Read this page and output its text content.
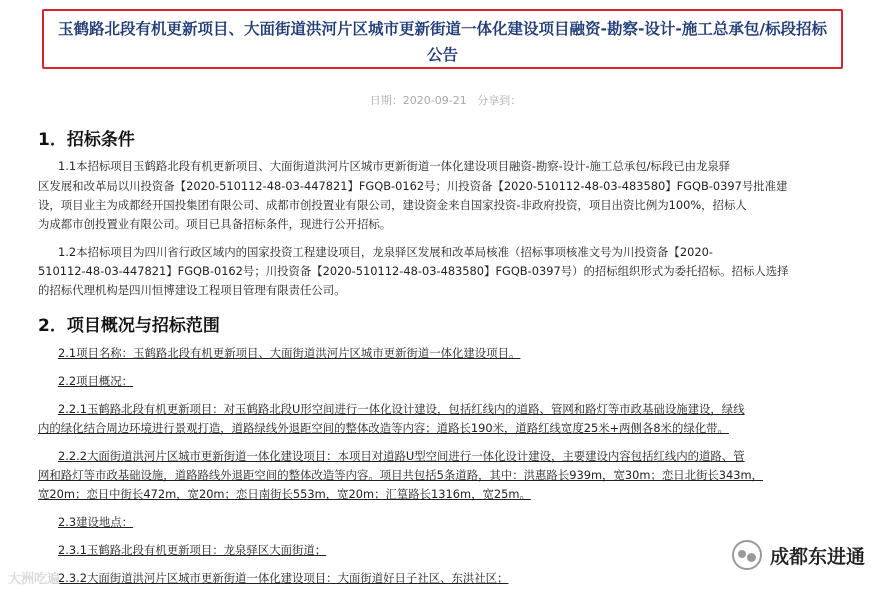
玉鹤路北段有机更新项目、大面街道洪河片区城市更新街道一体化建设项目融资-勘察-设计-施工总承包/标段招标
公告
日期：2020-09-21 分享到：
1．招标条件
1.1本招标项目玉鹤路北段有机更新项目、大面街道洪河片区城市更新街道一体化建设项目融资-勘察-设计-施工总承包/标段已由龙泉驿
区发展和改革局以川投资备【2020-510112-48-03-447821】FGQB-0162号；川投资备【2020-510112-48-03-483580】FGQB-0397号批准建
设，项目业主为成都经开国投集团有限公司、成都市创投置业有限公司，建设资金来自国家投资-非政府投资，项目出资比例为100%，招标人
为成都市创投置业有限公司。项目已具备招标条件，现进行公开招标。
1.2本招标项目为四川省行政区域内的国家投资工程建设项目，龙泉驿区发展和改革局核准（招标事项核准文号为川投资备【2020-
510112-48-03-447821】FGQB-0162号；川投资备【2020-510112-48-03-483580】FGQB-0397号）的招标组织形式为委托招标。招标人选择
的招标代理机构是四川恒博建设工程项目管理有限责任公司。
2．项目概况与招标范围
2.1项目名称：玉鹤路北段有机更新项目、大面街道洪河片区城市更新街道一体化建设项目。
2.2项目概况：
2.2.1玉鹤路北段有机更新项目：对玉鹤路北段U形空间进行一体化设计建设，包括红线内的道路、管网和路灯等市政基础设施建设，绿线
内的绿化结合周边环境进行景观打造，道路绿线外退距空间的整体改造等内容；道路长190米，道路红线宽度25米+两侧各8米的绿化带。
2.2.2大面街道洪河片区城市更新街道一体化建设项目：本项目对道路U型空间进行一体化设计建设，主要建设内容包括红线内的道路、管
网和路灯等市政基础设施，道路路线外退距空间的整体改造等内容。项目共包括5条道路，其中：洪惠路长939m，宽30m；恋日北街长343m，
宽20m；恋日中街长472m，宽20m；恋日南街长553m，宽20m；汇篁路长1316m，宽25m。
2.3建设地点：
2.3.1玉鹤路北段有机更新项目：龙泉驿区大面街道；
2.3.2大面街道洪河片区城市更新街道一体化建设项目：大面街道好日子社区、东洪社区；
成都东进通
大洲吃遍
